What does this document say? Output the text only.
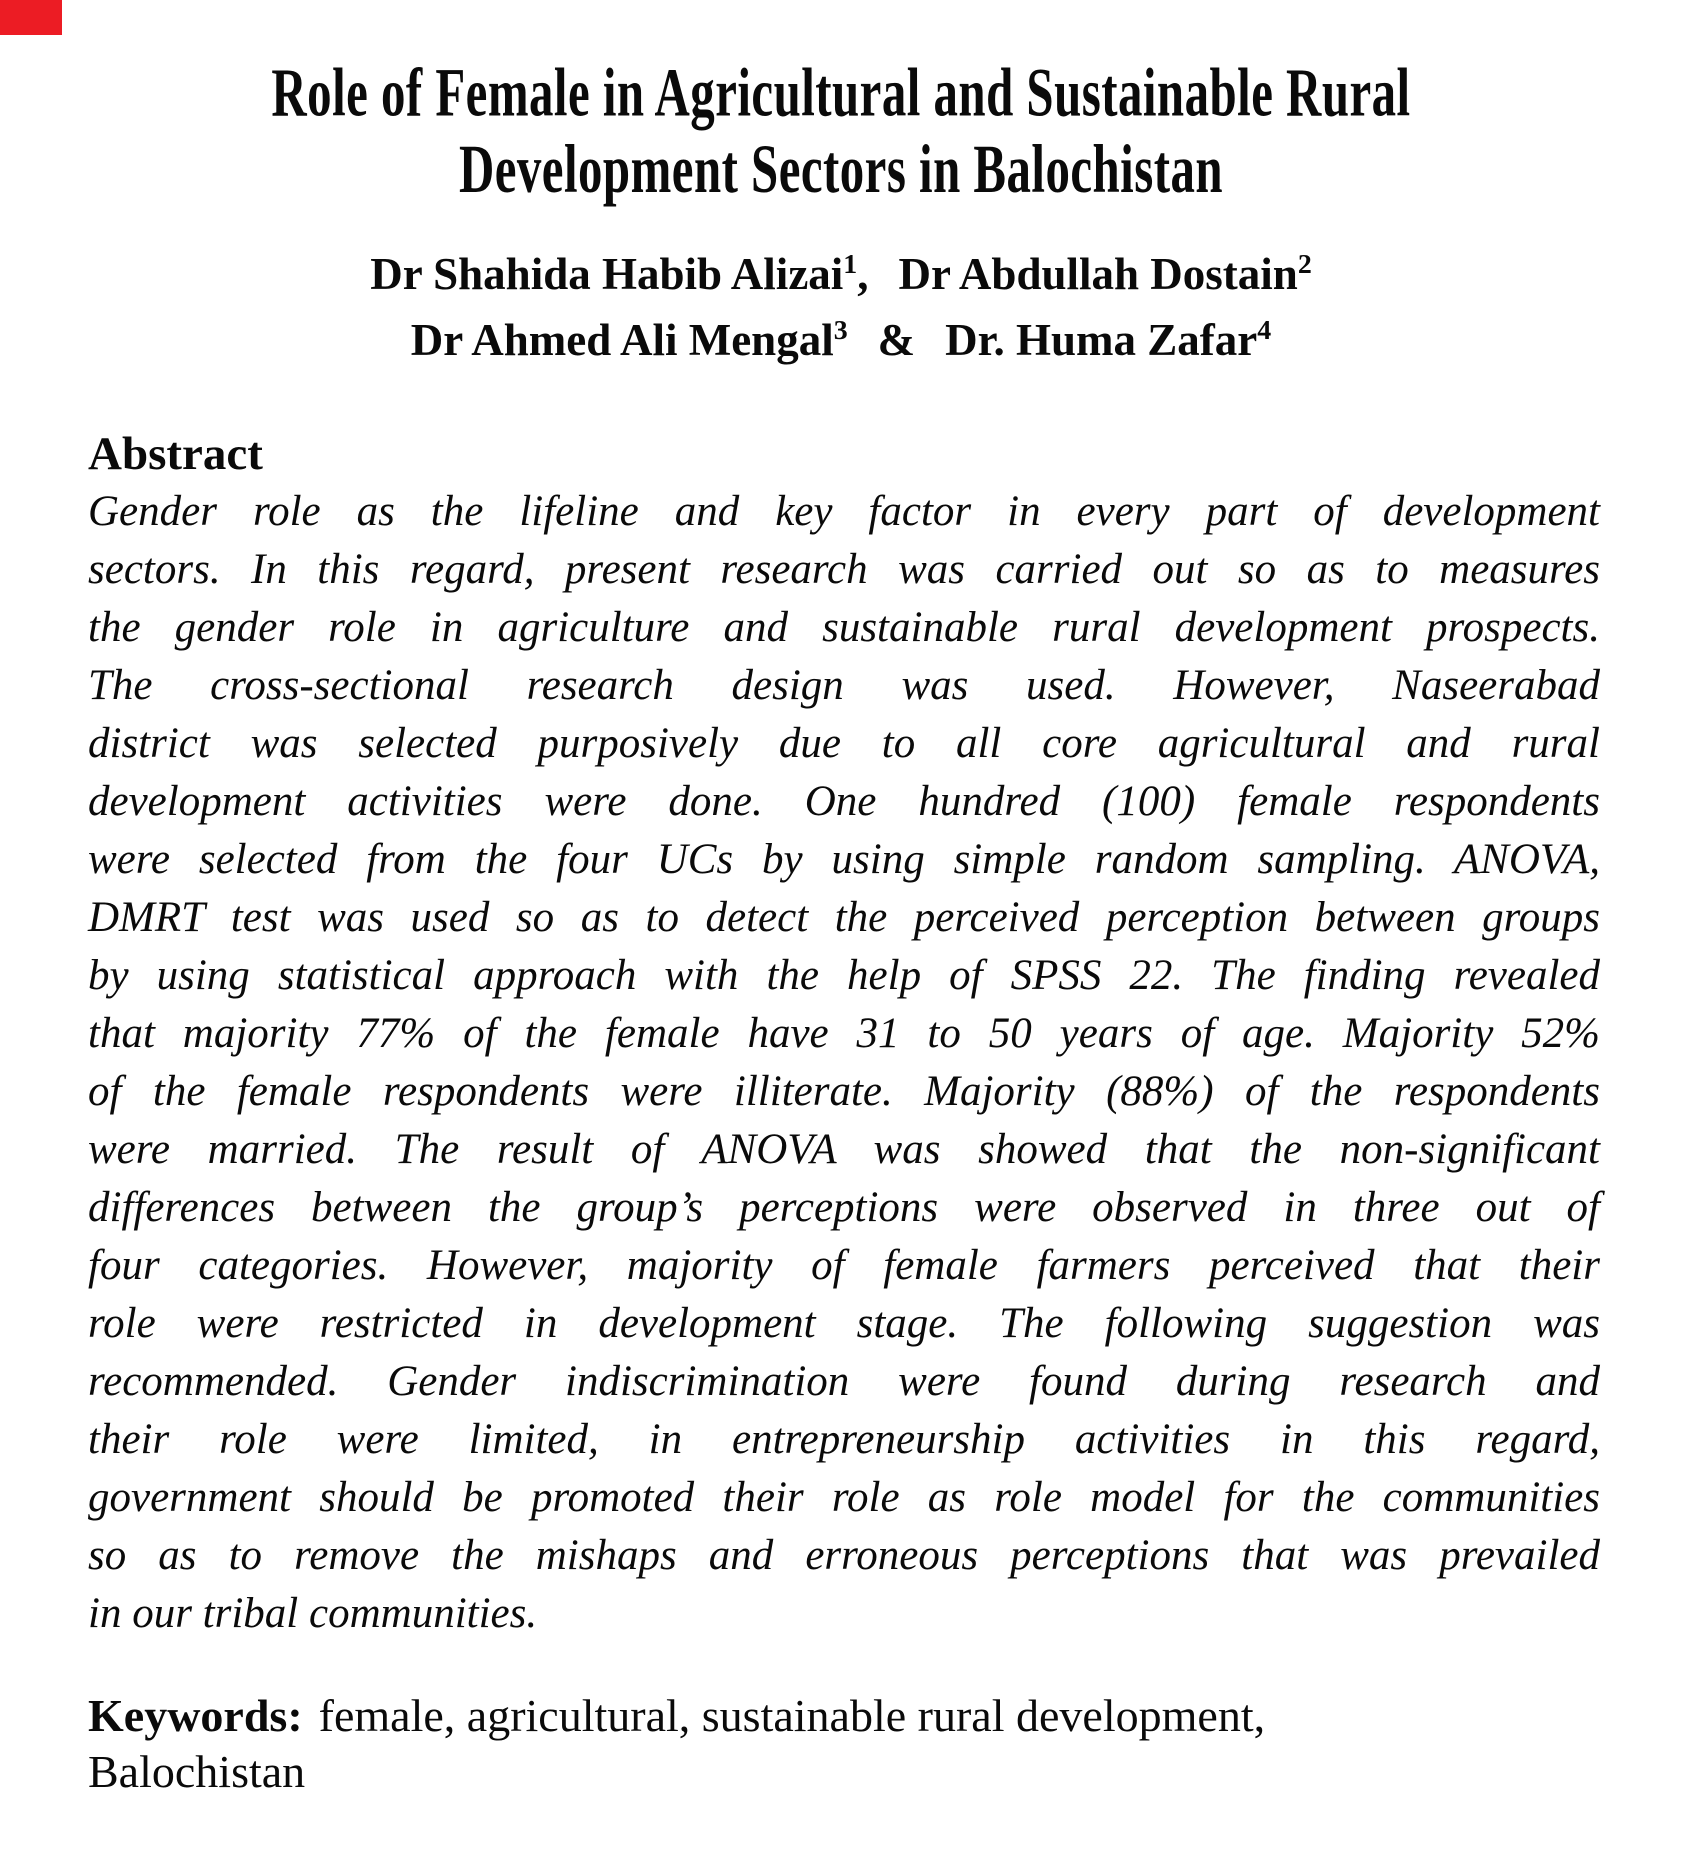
Role of Female in Agricultural and Sustainable Rural
Development Sectors in Balochistan
Dr Shahida Habib Alizai$^1$, Dr Abdullah Dostain$^2$
Dr Ahmed Ali Mengal$^3$ & Dr. Huma Zafar$^4$
Abstract
Gender role as the lifeline and key factor in every part of development
sectors. In this regard, present research was carried out so as to measures
the gender role in agriculture and sustainable rural development prospects.
The cross-sectional research design was used. However, Naseerabad
district was selected purposively due to all core agricultural and rural
development activities were done. One hundred (100) female respondents
were selected from the four UCs by using simple random sampling. ANOVA,
DMRT test was used so as to detect the perceived perception between groups
by using statistical approach with the help of SPSS 22. The finding revealed
that majority 77% of the female have 31 to 50 years of age. Majority 52%
of the female respondents were illiterate. Majority (88%) of the respondents
were married. The result of ANOVA was showed that the non-significant
differences between the group’s perceptions were observed in three out of
four categories. However, majority of female farmers perceived that their
role were restricted in development stage. The following suggestion was
recommended. Gender indiscrimination were found during research and
their role were limited, in entrepreneurship activities in this regard,
government should be promoted their role as role model for the communities
so as to remove the mishaps and erroneous perceptions that was prevailed
in our tribal communities.
Keywords: female, agricultural, sustainable rural development,
Balochistan
